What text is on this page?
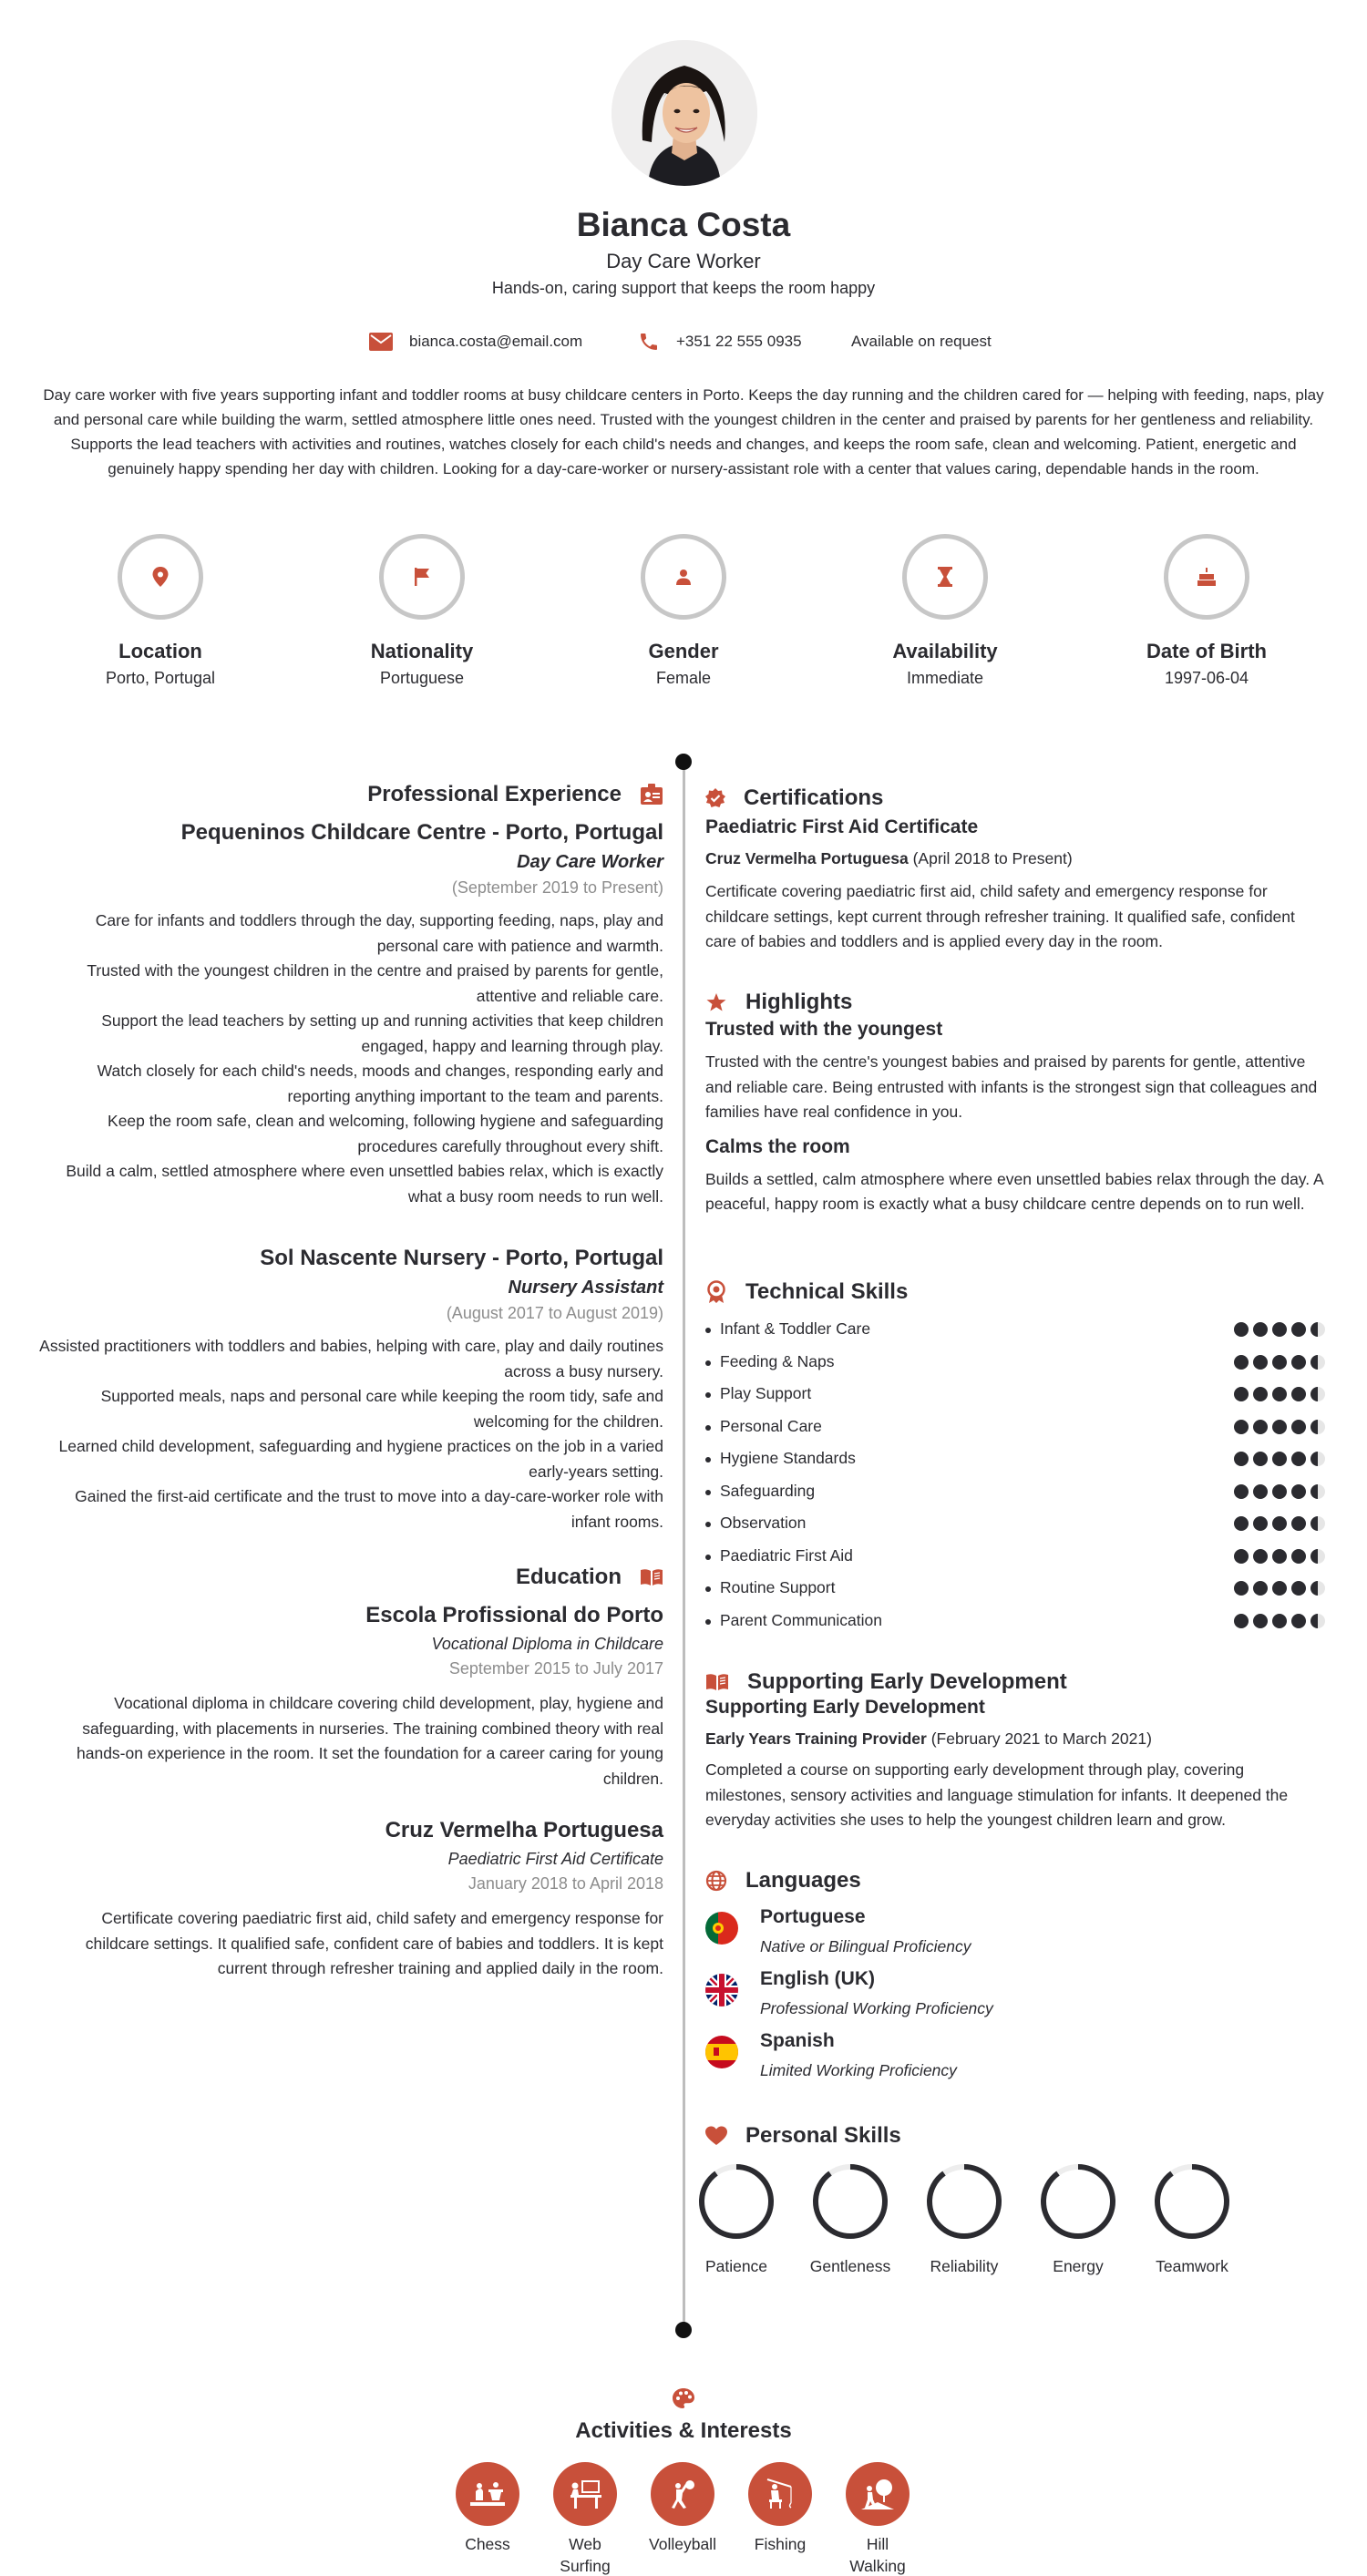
Bianca Costa
Day Care Worker
Hands-on, caring support that keeps the room happy
bianca.costa@email.com	+351 22 555 0935	Available on request
Day care worker with five years supporting infant and toddler rooms at busy childcare centers in Porto. Keeps the day running and the children cared for — helping with feeding, naps, play and personal care while building the warm, settled atmosphere little ones need. Trusted with the youngest children in the center and praised by parents for her gentleness and reliability. Supports the lead teachers with activities and routines, watches closely for each child's needs and changes, and keeps the room safe, clean and welcoming. Patient, energetic and genuinely happy spending her day with children. Looking for a day-care-worker or nursery-assistant role with a center that values caring, dependable hands in the room.
Location
Porto, Portugal
Nationality
Portuguese
Gender
Female
Availability
Immediate
Date of Birth
1997-06-04
Professional Experience
Pequeninos Childcare Centre - Porto, Portugal
Day Care Worker
(September 2019 to Present)
Care for infants and toddlers through the day, supporting feeding, naps, play and personal care with patience and warmth.
Trusted with the youngest children in the centre and praised by parents for gentle, attentive and reliable care.
Support the lead teachers by setting up and running activities that keep children engaged, happy and learning through play.
Watch closely for each child's needs, moods and changes, responding early and reporting anything important to the team and parents.
Keep the room safe, clean and welcoming, following hygiene and safeguarding procedures carefully throughout every shift.
Build a calm, settled atmosphere where even unsettled babies relax, which is exactly what a busy room needs to run well.
Sol Nascente Nursery - Porto, Portugal
Nursery Assistant
(August 2017 to August 2019)
Assisted practitioners with toddlers and babies, helping with care, play and daily routines across a busy nursery.
Supported meals, naps and personal care while keeping the room tidy, safe and welcoming for the children.
Learned child development, safeguarding and hygiene practices on the job in a varied early-years setting.
Gained the first-aid certificate and the trust to move into a day-care-worker role with infant rooms.
Education
Escola Profissional do Porto
Vocational Diploma in Childcare
September 2015 to July 2017
Vocational diploma in childcare covering child development, play, hygiene and safeguarding, with placements in nurseries. The training combined theory with real hands-on experience in the room. It set the foundation for a career caring for young children.
Cruz Vermelha Portuguesa
Paediatric First Aid Certificate
January 2018 to April 2018
Certificate covering paediatric first aid, child safety and emergency response for childcare settings. It qualified safe, confident care of babies and toddlers. It is kept current through refresher training and applied daily in the room.
Certifications
Paediatric First Aid Certificate
Cruz Vermelha Portuguesa (April 2018 to Present)
Certificate covering paediatric first aid, child safety and emergency response for childcare settings, kept current through refresher training. It qualified safe, confident care of babies and toddlers and is applied every day in the room.
Highlights
Trusted with the youngest
Trusted with the centre's youngest babies and praised by parents for gentle, attentive and reliable care. Being entrusted with infants is the strongest sign that colleagues and families have real confidence in you.
Calms the room
Builds a settled, calm atmosphere where even unsettled babies relax through the day. A peaceful, happy room is exactly what a busy childcare centre depends on to run well.
Technical Skills
Infant & Toddler Care
Feeding & Naps
Play Support
Personal Care
Hygiene Standards
Safeguarding
Observation
Paediatric First Aid
Routine Support
Parent Communication
Supporting Early Development
Supporting Early Development
Early Years Training Provider (February 2021 to March 2021)
Completed a course on supporting early development through play, covering milestones, sensory activities and language stimulation for infants. It deepened the everyday activities she uses to help the youngest children learn and grow.
Languages
Portuguese
Native or Bilingual Proficiency
English (UK)
Professional Working Proficiency
Spanish
Limited Working Proficiency
Personal Skills
Patience	Gentleness	Reliability	Energy	Teamwork
Activities & Interests
Chess	Web Surfing
Volleyball	Fishing	Hill Walking
